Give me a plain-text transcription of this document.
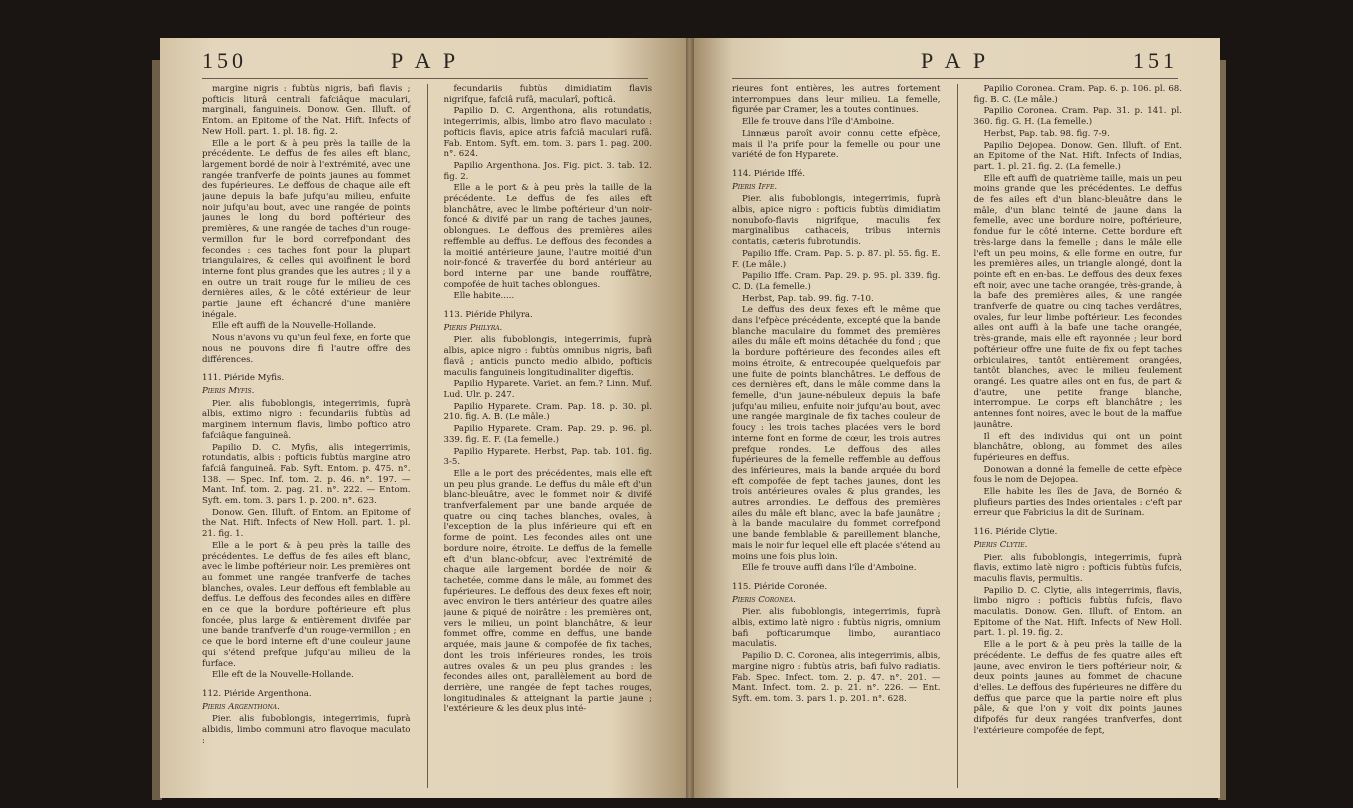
150	P A P

margine nigris : fubtùs nigris, bafi flavis ; pofticis liturâ centrali fafciâque maculari, marginali, fanguineis. Donow. Gen. Illuft. of Entom. an Epitome of the Nat. Hift. Infects of New Holl. part. 1. pl. 18. fig. 2.

Elle a le port & à peu près la taille de la précédente. Le deffus de fes ailes eft blanc, largement bordé de noir à l'extrémité, avec une rangée tranfverfe de points jaunes au fommet des fupérieures. Le deffous de chaque aile eft jaune depuis la bafe jufqu'au milieu, enfuite noir jufqu'au bout, avec une rangée de points jaunes le long du bord poftérieur des premières, & une rangée de taches d'un rouge-vermillon fur le bord correfpondant des fecondes : ces taches font pour la plupart triangulaires, & celles qui avoifinent le bord interne font plus grandes que les autres ; il y a en outre un trait rouge fur le milieu de ces dernières ailes, & le côté extérieur de leur partie jaune eft échancré d'une manière inégale.

Elle eft auffi de la Nouvelle-Hollande.

Nous n'avons vu qu'un feul fexe, en forte que nous ne pouvons dire fi l'autre offre des différences.

111. Piéride Myfis.

Pieris Myfis.

Pier. alis fuboblongis, integerrimis, fuprà albis, extimo nigro : fecundariis fubtùs ad marginem internum flavis, limbo poftico atro fafciâque fanguineâ.

Papilio D. C. Myfis, alis integerrimis, rotundatis, albis : pofticis fubtùs margine atro fafciâ fanguineâ. Fab. Syft. Entom. p. 475. n°. 138. — Spec. Inf. tom. 2. p. 46. n°. 197. — Mant. Inf. tom. 2. pag. 21. n°. 222. — Entom. Syft. em. tom. 3. pars 1. p. 200. n°. 623.

Donow. Gen. Illuft. of Entom. an Epitome of the Nat. Hift. Infects of New Holl. part. 1. pl. 21. fig. 1.

Elle a le port & à peu près la taille des précédentes. Le deffus de fes ailes eft blanc, avec le limbe poftérieur noir. Les premières ont au fommet une rangée tranfverfe de taches blanches, ovales. Leur deffous eft femblable au deffus. Le deffous des fecondes ailes en diffère en ce que la bordure poftérieure eft plus foncée, plus large & entièrement divifée par une bande tranfverfe d'un rouge-vermillon ; en ce que le bord interne eft d'une couleur jaune qui s'étend prefque jufqu'au milieu de la furface.

Elle eft de la Nouvelle-Hollande.

112. Piéride Argenthona.

Pieris Argenthona.

Pier. alis fuboblongis, integerrimis, fuprà albidis, limbo communi atro flavoque maculato :

fecundariis fubtùs dimidiatim flavis nigrifque, fafciâ rufâ, macularî, pofticâ.

Papilio D. C. Argenthona, alis rotundatis, integerrimis, albis, limbo atro flavo maculato : pofticis flavis, apice atris fafciâ maculari rufâ. Fab. Entom. Syft. em. tom. 3. pars 1. pag. 200. n°. 624.

Papilio Argenthona. Jos. Fig. pict. 3. tab. 12. fig. 2.

Elle a le port & à peu près la taille de la précédente. Le deffus de fes ailes eft blanchâtre, avec le limbe poftérieur d'un noir-foncé & divifé par un rang de taches jaunes, oblongues. Le deffous des premières ailes reffemble au deffus. Le deffous des fecondes a la moitié antérieure jaune, l'autre moitié d'un noir-foncé & traverfée du bord antérieur au bord interne par une bande rouffâtre, compofée de huit taches oblongues.

Elle habite.....

113. Piéride Philyra.

Pieris Philyra.

Pier. alis fuboblongis, integerrimis, fuprà albis, apice nigro : fubtùs omnibus nigris, bafi flavâ ; anticis puncto medio albido, pofticis maculis fanguineis longitudinaliter digeftis.

Papilio Hyparete. Variet. an fem.? Linn. Muf. Lud. Ulr. p. 247.

Papilio Hyparete. Cram. Pap. 18. p. 30. pl. 210. fig. A. B. (Le mâle.)

Papilio Hyparete. Cram. Pap. 29. p. 96. pl. 339. fig. E. F. (La femelle.)

Papilio Hyparete. Herbst, Pap. tab. 101. fig. 3-5.

Elle a le port des précédentes, mais elle eft un peu plus grande. Le deffus du mâle eft d'un blanc-bleuâtre, avec le fommet noir & divifé tranfverfalement par une bande arquée de quatre ou cinq taches blanches, ovales, à l'exception de la plus inférieure qui eft en forme de point. Les fecondes ailes ont une bordure noire, étroite. Le deffus de la femelle eft d'un blanc-obfcur, avec l'extrémité de chaque aile largement bordée de noir & tachetée, comme dans le mâle, au fommet des fupérieures. Le deffous des deux fexes eft noir, avec environ le tiers antérieur des quatre ailes jaune & piqué de noirâtre : les premières ont, vers le milieu, un point blanchâtre, & leur fommet offre, comme en deffus, une bande arquée, mais jaune & compofée de fix taches, dont les trois inférieures rondes, les trois autres ovales & un peu plus grandes : les fecondes ailes ont, parallèlement au bord de derrière, une rangée de fept taches rouges, longitudinales & atteignant la partie jaune ; l'extérieure & les deux plus inté-

P A P	151

rieures font entières, les autres fortement interrompues dans leur milieu. La femelle, figurée par Cramer, les a toutes continues.

Elle fe trouve dans l'île d'Amboine.

Linnæus paroît avoir connu cette efpèce, mais il l'a prife pour la femelle ou pour une variété de fon Hyparete.

114. Piéride Iffé.

Pieris Iffe.

Pier. alis fuboblongis, integerrimis, fuprà albis, apice nigro : pofticis fubtùs dimidiatim nonubofo-flavis nigrifque, maculis fex marginalibus cathaceis, tribus internis contatis, cæteris fubrotundis.

Papilio Iffe. Cram. Pap. 5. p. 87. pl. 55. fig. E. F. (Le mâle.)

Papilio Iffe. Cram. Pap. 29. p. 95. pl. 339. fig. C. D. (La femelle.)

Herbst, Pap. tab. 99. fig. 7-10.

Le deffus des deux fexes eft le même que dans l'efpèce précédente, excepté que la bande blanche maculaire du fommet des premières ailes du mâle eft moins détachée du fond ; que la bordure poftérieure des fecondes ailes eft moins étroite, & entrecoupée quelquefois par une fuite de points blanchâtres. Le deffous de ces dernières eft, dans le mâle comme dans la femelle, d'un jaune-nébuleux depuis la bafe jufqu'au milieu, enfuite noir jufqu'au bout, avec une rangée marginale de fix taches couleur de foucy : les trois taches placées vers le bord interne font en forme de cœur, les trois autres prefque rondes. Le deffous des ailes fupérieures de la femelle reffemble au deffous des inférieures, mais la bande arquée du bord eft compofée de fept taches jaunes, dont les trois antérieures ovales & plus grandes, les autres arrondies. Le deffous des premières ailes du mâle eft blanc, avec la bafe jaunâtre ; à la bande maculaire du fommet correfpond une bande femblable & pareillement blanche, mais le noir fur lequel elle eft placée s'étend au moins une fois plus loin.

Elle fe trouve auffi dans l'île d'Amboine.

115. Piéride Coronée.

Pieris Coronea.

Pier. alis fuboblongis, integerrimis, fuprà albis, extimo latè nigro : fubtùs nigris, omnium bafi pofticarumque limbo, aurantiaco maculatis.

Papilio D. C. Coronea, alis integerrimis, albis, margine nigro : fubtùs atris, bafi fulvo radiatis. Fab. Spec. Infect. tom. 2. p. 47. n°. 201. — Mant. Infect. tom. 2. p. 21. n°. 226. — Ent. Syft. em. tom. 3. pars 1. p. 201. n°. 628.

Papilio Coronea. Cram. Pap. 6. p. 106. pl. 68. fig. B. C. (Le mâle.)

Papilio Coronea. Cram. Pap. 31. p. 141. pl. 360. fig. G. H. (La femelle.)

Herbst, Pap. tab. 98. fig. 7-9.

Papilio Dejopea. Donow. Gen. Illuft. of Ent. an Epitome of the Nat. Hift. Infects of Indias, part. 1. pl. 21. fig. 2. (La femelle.)

Elle eft auffi de quatrième taille, mais un peu moins grande que les précédentes. Le deffus de fes ailes eft d'un blanc-bleuâtre dans le mâle, d'un blanc teinté de jaune dans la femelle, avec une bordure noire, poftérieure, fondue fur le côté interne. Cette bordure eft très-large dans la femelle ; dans le mâle elle l'eft un peu moins, & elle forme en outre, fur les premières ailes, un triangle alongé, dont la pointe eft en en-bas. Le deffous des deux fexes eft noir, avec une tache orangée, très-grande, à la bafe des premières ailes, & une rangée tranfverfe de quatre ou cinq taches verdâtres, ovales, fur leur limbe poftérieur. Les fecondes ailes ont auffi à la bafe une tache orangée, très-grande, mais elle eft rayonnée ; leur bord poftérieur offre une fuite de fix ou fept taches orbiculaires, tantôt entièrement orangées, tantôt blanches, avec le milieu feulement orangé. Les quatre ailes ont en fus, de part & d'autre, une petite frange blanche, interrompue. Le corps eft blanchâtre ; les antennes font noires, avec le bout de la maffue jaunâtre.

Il eft des individus qui ont un point blanchâtre, oblong, au fommet des ailes fupérieures en deffus.

Donowan a donné la femelle de cette efpèce fous le nom de Dejopea.

Elle habite les îles de Java, de Bornéo & plufieurs parties des Indes orientales : c'eft par erreur que Fabricius la dit de Surinam.

116. Piéride Clytie.

Pieris Clytie.

Pier. alis fuboblongis, integerrimis, fuprà flavis, extimo latè nigro : pofticis fubtùs fufcis, maculis flavis, permultis.

Papilio D. C. Clytie, alis integerrimis, flavis, limbo nigro : pofticis fubtùs fufcis, flavo maculatis. Donow. Gen. Illuft. of Entom. an Epitome of the Nat. Hift. Infects of New Holl. part. 1. pl. 19. fig. 2.

Elle a le port & à peu près la taille de la précédente. Le deffus de fes quatre ailes eft jaune, avec environ le tiers poftérieur noir, & deux points jaunes au fommet de chacune d'elles. Le deffous des fupérieures ne diffère du deffus que parce que la partie noire eft plus pâle, & que l'on y voit dix points jaunes difpofés fur deux rangées tranfverfes, dont l'extérieure compofée de fept,
